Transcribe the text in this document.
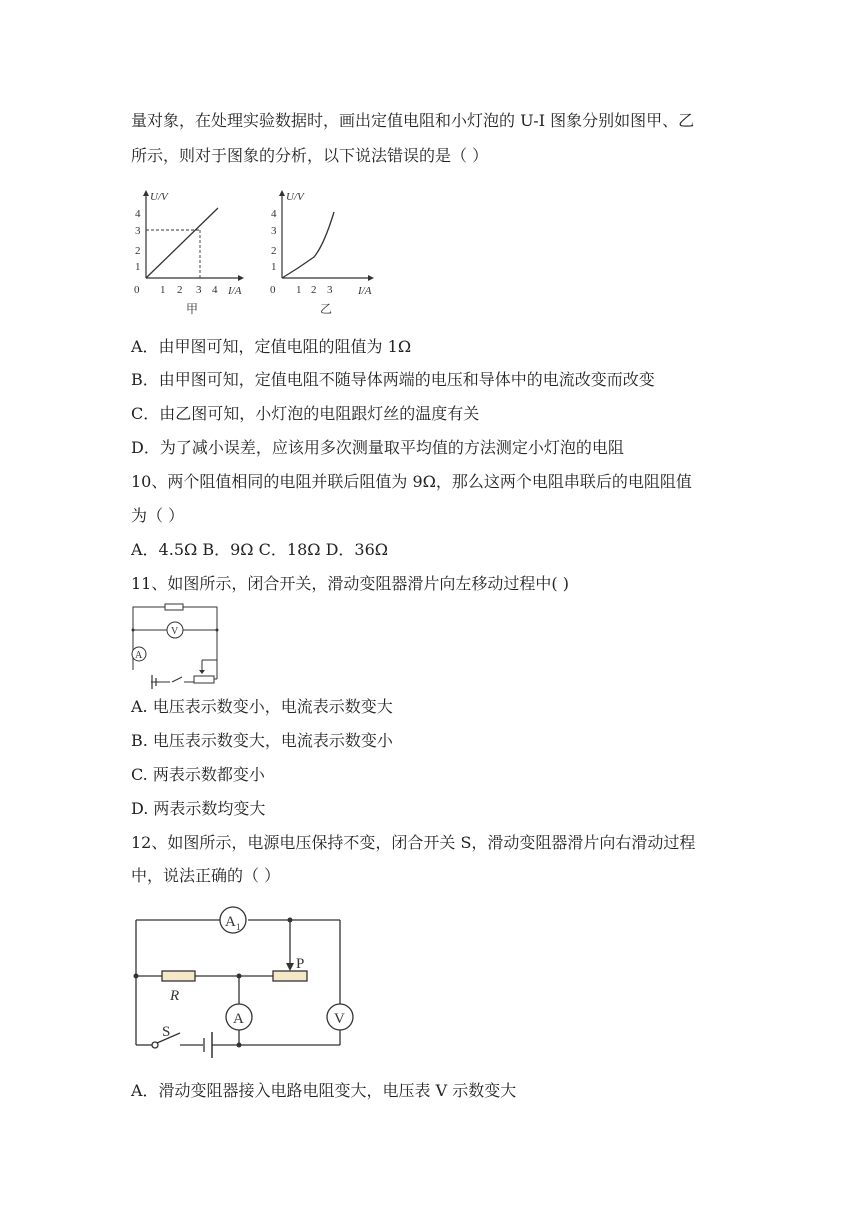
量对象，在处理实验数据时，画出定值电阻和小灯泡的 U-I 图象分别如图甲、乙
所示，则对于图象的分析，以下说法错误的是（ ）
U/V
I/A
0
1
2
3
4
1 2 3 4
甲
U/V
I/A
0
1
2
3
4
1 2 3
乙
A．由甲图可知，定值电阻的阻值为 1Ω
B．由甲图可知，定值电阻不随导体两端的电压和导体中的电流改变而改变
C．由乙图可知，小灯泡的电阻跟灯丝的温度有关
D．为了减小误差，应该用多次测量取平均值的方法测定小灯泡的电阻
10、两个阻值相同的电阻并联后阻值为 9Ω，那么这两个电阻串联后的电阻阻值
为（ ）
A．4.5Ω B．9Ω C．18Ω D．36Ω
11、如图所示，闭合开关，滑动变阻器滑片向左移动过程中( )
V
A
A. 电压表示数变小，电流表示数变大
B. 电压表示数变大，电流表示数变小
C. 两表示数都变小
D. 两表示数均变大
12、如图所示，电源电压保持不变，闭合开关 S，滑动变阻器滑片向右滑动过程
中，说法正确的（ ）
A 1
P
R
A	V
S
A．滑动变阻器接入电路电阻变大，电压表 V 示数变大
